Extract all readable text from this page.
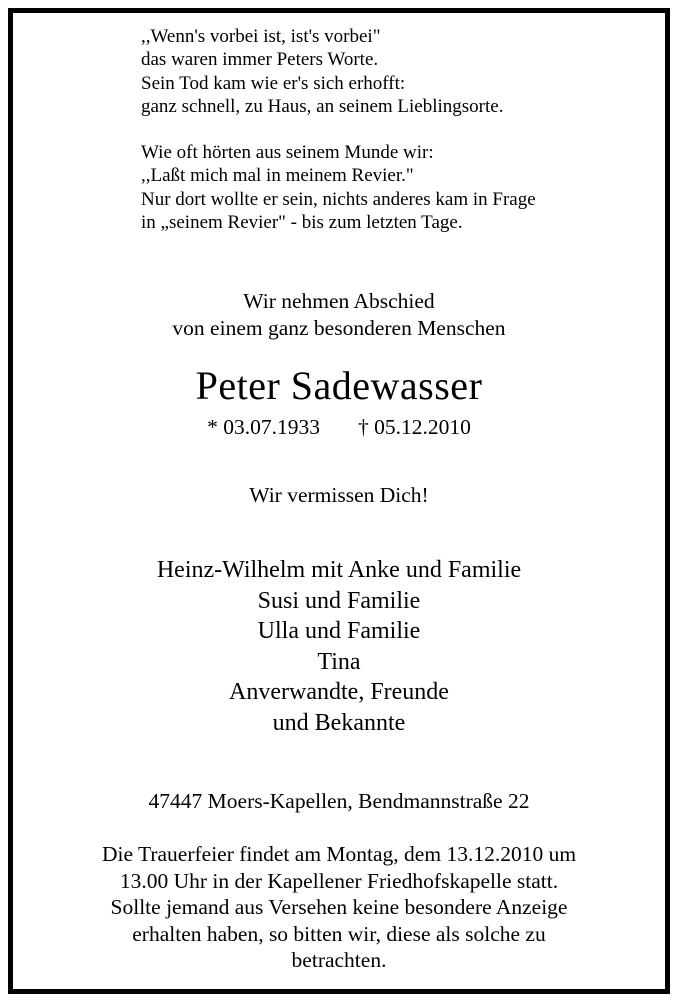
,,Wenn's vorbei ist, ist's vorbei"
das waren immer Peters Worte.
Sein Tod kam wie er's sich erhofft:
ganz schnell, zu Haus, an seinem Lieblingsorte.
Wie oft hörten aus seinem Munde wir:
,,Laßt mich mal in meinem Revier."
Nur dort wollte er sein, nichts anderes kam in Frage
in „seinem Revier" - bis zum letzten Tage.
Wir nehmen Abschied
von einem ganz besonderen Menschen
Peter Sadewasser
* 03.07.1933 † 05.12.2010
Wir vermissen Dich!
Heinz-Wilhelm mit Anke und Familie
Susi und Familie
Ulla und Familie
Tina
Anverwandte, Freunde
und Bekannte
47447 Moers-Kapellen, Bendmannstraße 22
Die Trauerfeier findet am Montag, dem 13.12.2010 um
13.00 Uhr in der Kapellener Friedhofskapelle statt.
Sollte jemand aus Versehen keine besondere Anzeige
erhalten haben, so bitten wir, diese als solche zu
betrachten.
